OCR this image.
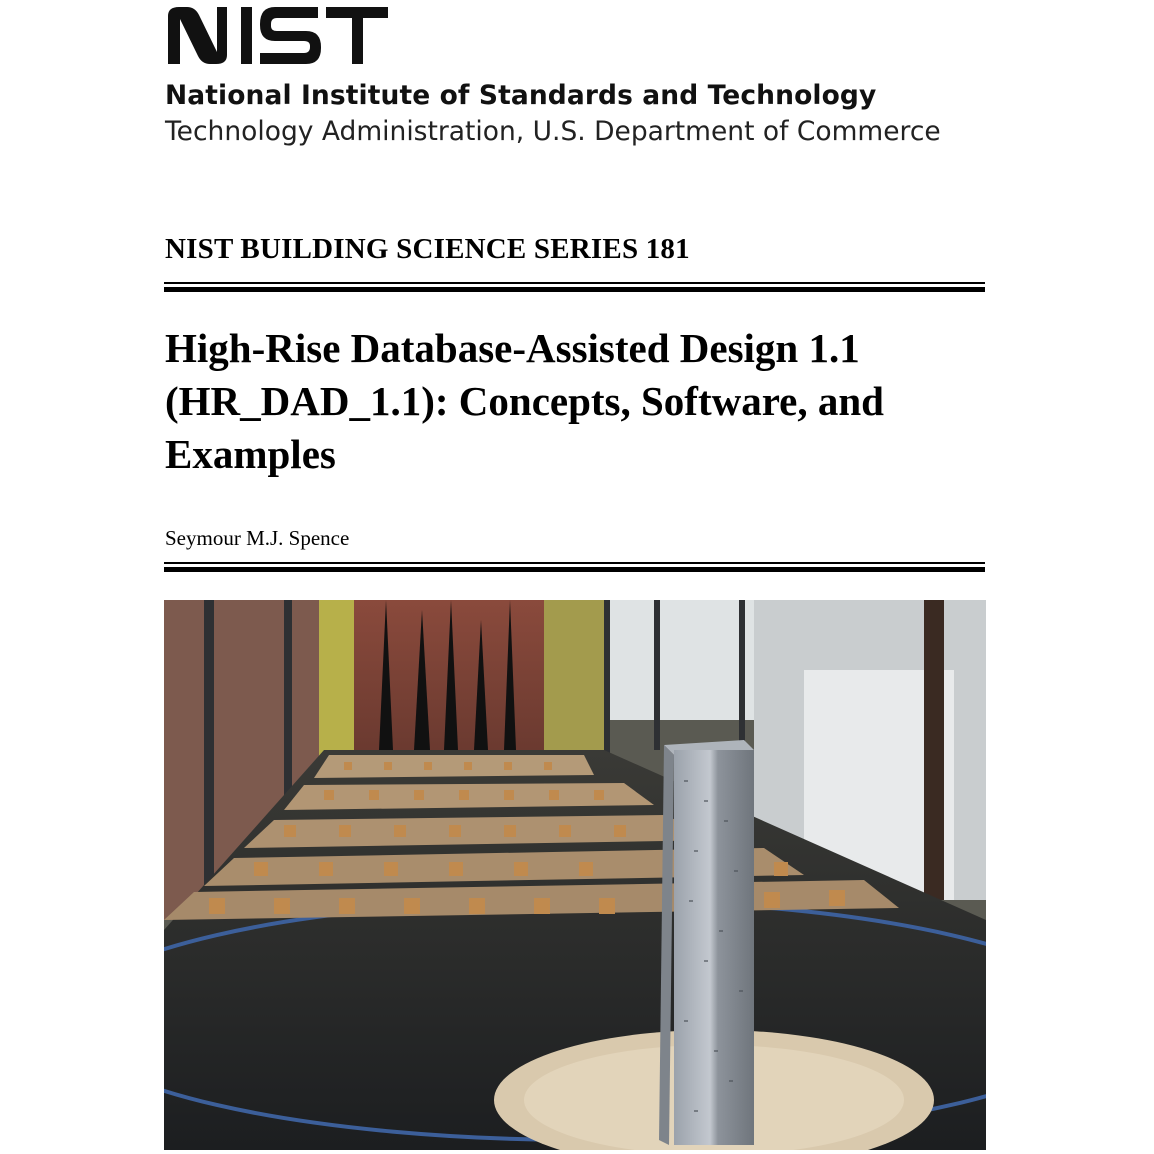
National Institute of Standards and Technology
Technology Administration, U.S. Department of Commerce
NIST BUILDING SCIENCE SERIES 181
High-Rise Database-Assisted Design 1.1
(HR_DAD_1.1): Concepts, Software, and
Examples
Seymour M.J. Spence
